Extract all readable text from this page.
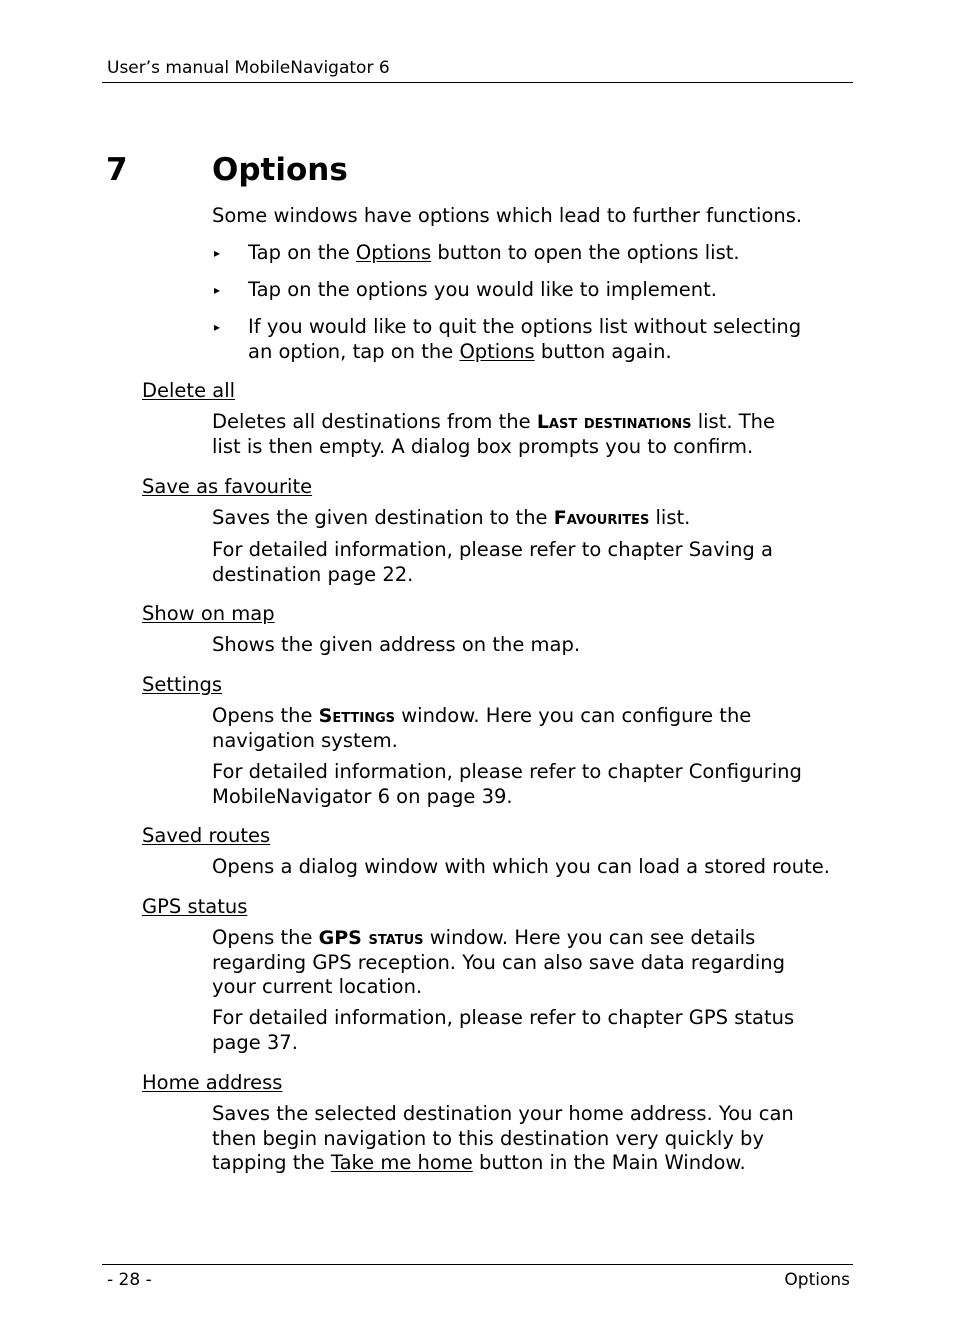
User’s manual MobileNavigator 6
7	Options
Some windows have options which lead to further functions.
▸ Tap on the Options button to open the options list.
▸ Tap on the options you would like to implement.
▸ If you would like to quit the options list without selecting
an option, tap on the Options button again.
Delete all
Deletes all destinations from the Last destinations list. The
list is then empty. A dialog box prompts you to confirm.
Save as favourite
Saves the given destination to the Favourites list.
For detailed information, please refer to chapter Saving a
destination page 22.
Show on map
Shows the given address on the map.
Settings
Opens the Settings window. Here you can configure the
navigation system.
For detailed information, please refer to chapter Configuring
MobileNavigator 6 on page 39.
Saved routes
Opens a dialog window with which you can load a stored route.
GPS status
Opens the GPS status window. Here you can see details
regarding GPS reception. You can also save data regarding
your current location.
For detailed information, please refer to chapter GPS status
page 37.
Home address
Saves the selected destination your home address. You can
then begin navigation to this destination very quickly by
tapping the Take me home button in the Main Window.
- 28 -	Options
